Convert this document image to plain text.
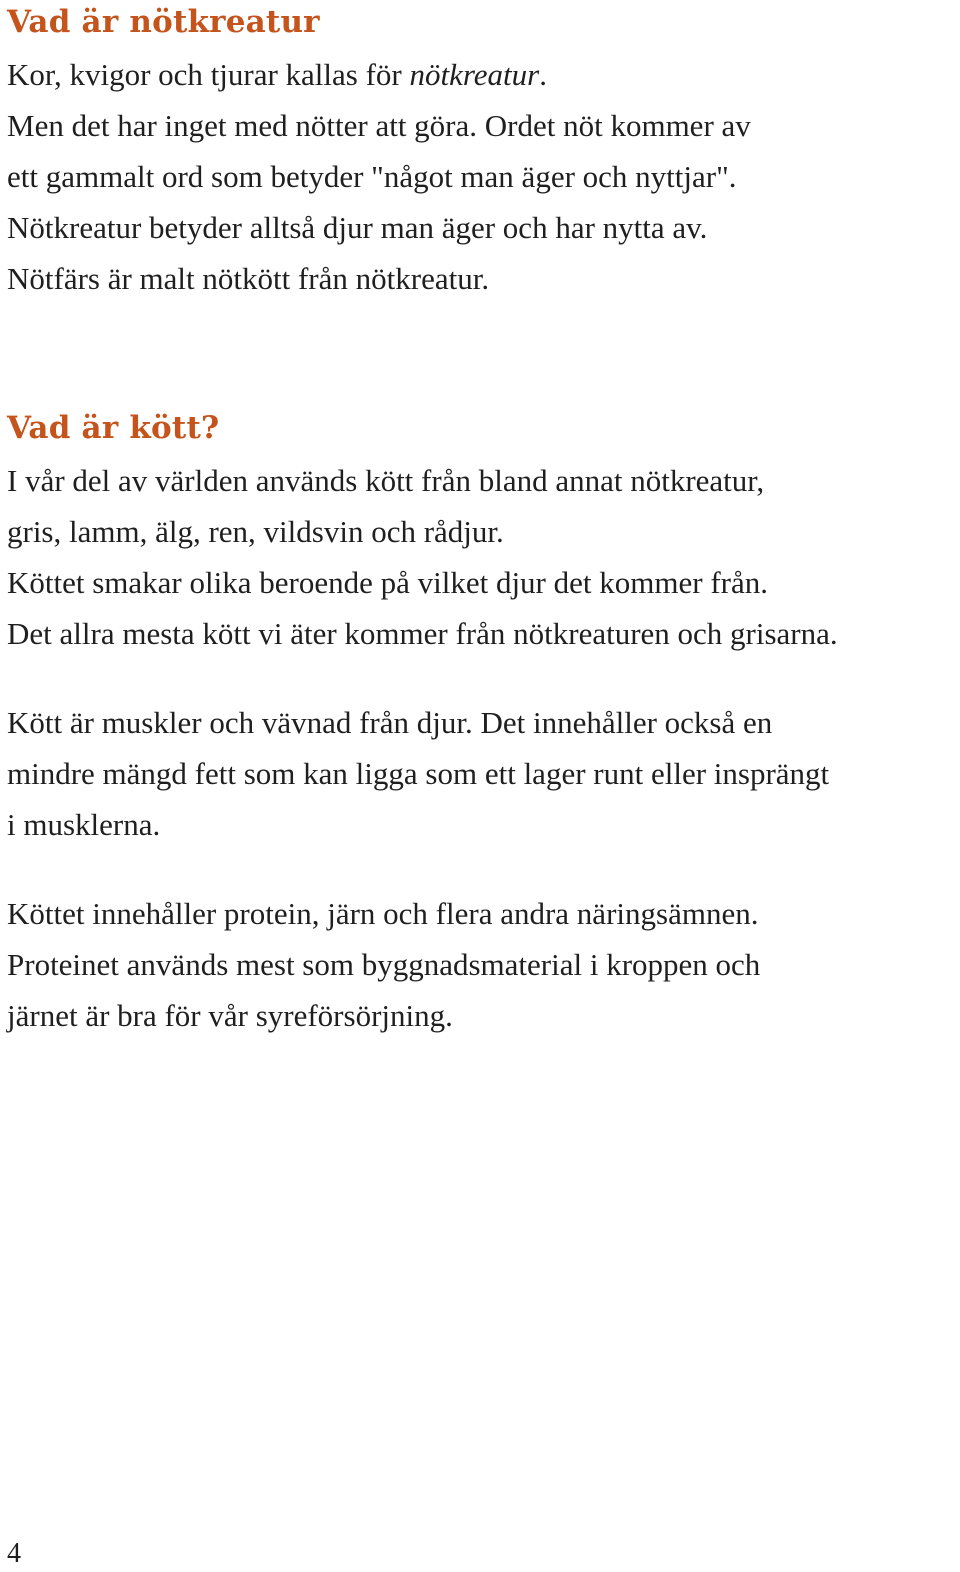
Vad är nötkreatur
Kor, kvigor och tjurar kallas för nötkreatur.
Men det har inget med nötter att göra. Ordet nöt kommer av
ett gammalt ord som betyder "något man äger och nyttjar".
Nötkreatur betyder alltså djur man äger och har nytta av.
Nötfärs är malt nötkött från nötkreatur.
Vad är kött?
I vår del av världen används kött från bland annat nötkreatur,
gris, lamm, älg, ren, vildsvin och rådjur.
Köttet smakar olika beroende på vilket djur det kommer från.
Det allra mesta kött vi äter kommer från nötkreaturen och grisarna.
Kött är muskler och vävnad från djur. Det innehåller också en
mindre mängd fett som kan ligga som ett lager runt eller insprängt
i musklerna.
Köttet innehåller protein, järn och flera andra näringsämnen.
Proteinet används mest som byggnadsmaterial i kroppen och
järnet är bra för vår syreförsörjning.
4
